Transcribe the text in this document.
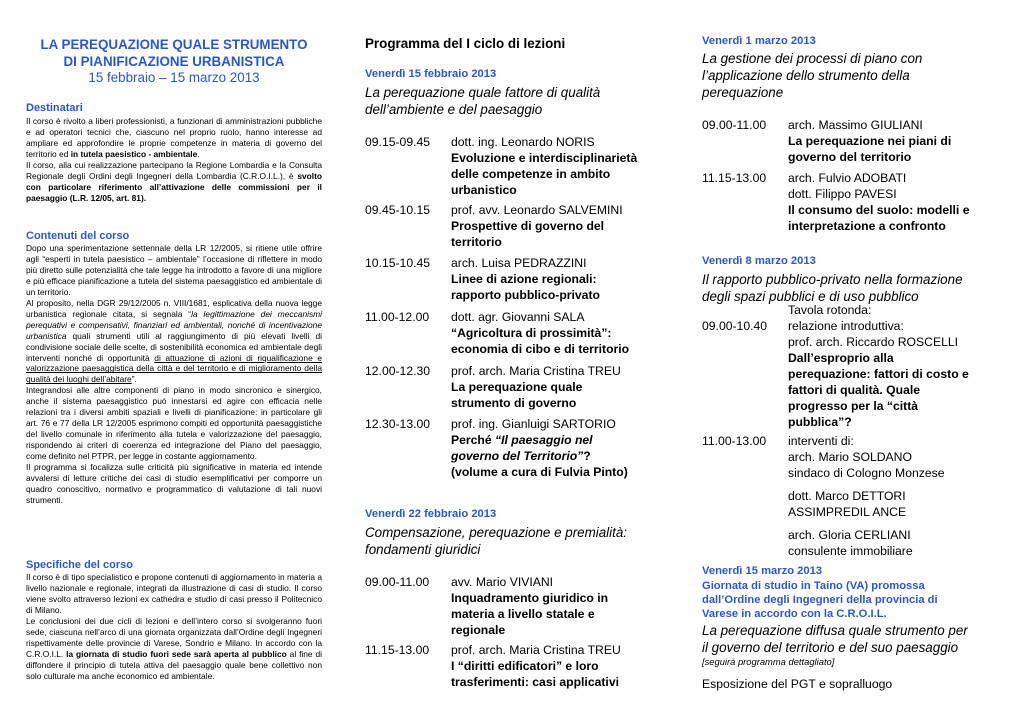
LA PEREQUAZIONE QUALE STRUMENTO
DI PIANIFICAZIONE URBANISTICA
15 febbraio – 15 marzo 2013
Destinatari

Il corso è rivolto a liberi professionisti, a funzionari di amministrazioni pubbliche e ad operatori tecnici che, ciascuno nel proprio ruolo, hanno interesse ad ampliare ed approfondire le proprie competenze in materia di governo del territorio ed in tutela paesistico - ambientale.

Il corso, alla cui realizzazione partecipano la Regione Lombardia e la Consulta Regionale degli Ordini degli Ingegneri della Lombardia (C.R.O.I.L.), è svolto con particolare riferimento all’attivazione delle commissioni per il paesaggio (L.R. 12/05, art. 81).

Contenuti del corso

Dopo una sperimentazione settennale della LR 12/2005, si ritiene utile offrire agli “esperti in tutela paesistico – ambientale” l’occasione di riflettere in modo più diretto sulle potenzialità che tale legge ha introdotto a favore di una migliore e più efficace pianificazione a tutela del sistema paesaggistico ed ambientale di un territorio.

Al proposito, nella DGR 29/12/2005 n. VIII/1681, esplicativa della nuova legge urbanistica regionale citata, si segnala “la legittimazione dei meccanismi perequativi e compensativi, finanziari ed ambientali, nonché di incentivazione urbanistica quali strumenti utili al raggiungimento di più elevati livelli di condivisione sociale delle scelte, di sostenibilità economica ed ambientale degli interventi nonché di opportunità di attuazione di azioni di riqualificazione e valorizzazione paesaggistica della città e del territorio e di miglioramento della qualità dei luoghi dell’abitare”.

Integrandosi alle altre componenti di piano in modo sincronico e sinergico, anche il sistema paesaggistico può innestarsi ed agire con efficacia nelle relazioni tra i diversi ambiti spaziali e livelli di pianificazione: in particolare gli art. 76 e 77 della LR 12/2005 esprimono compiti ed opportunità paesaggistiche del livello comunale in riferimento alla tutela e valorizzazione del paesaggio, rispondendo ai criteri di coerenza ed integrazione del Piano del paesaggio, come definito nel PTPR, per legge in costante aggiornamento.

Il programma si focalizza sulle criticità più significative in materia ed intende avvalersi di letture critiche dei casi di studio esemplificativi per comporre un quadro conoscitivo, normativo e programmatico di valutazione di tali nuovi strumenti.

Specifiche del corso

Il corso è di tipo specialistico e propone contenuti di aggiornamento in materia a livello nazionale e regionale, integrati da illustrazione di casi di studio. Il corso viene svolto attraverso lezioni ex cathedra e studio di casi presso il Politecnico di Milano.

Le conclusioni dei due cicli di lezioni e dell’intero corso si svolgeranno fuori sede, ciascuna nell’arco di una giornata organizzata dall’Ordine degli Ingegneri rispettivamente delle provincie di Varese, Sondrio e Milano. In accordo con la C.R.O.I.L. la giornata di studio fuori sede sarà aperta al pubblico al fine di diffondere il principio di tutela attiva del paesaggio quale bene collettivo non solo culturale ma anche economico ed ambientale.

Programma del I ciclo di lezioni
Venerdì 15 febbraio 2013
La perequazione quale fattore di qualità
dell’ambiente e del paesaggio
09.15-09.45 dott. ing. Leonardo NORIS
Evoluzione e interdisciplinarietà
delle competenze in ambito
urbanistico
09.45-10.15 prof. avv. Leonardo SALVEMINI
Prospettive di governo del
territorio
10.15-10.45 arch. Luisa PEDRAZZINI
Linee di azione regionali:
rapporto pubblico-privato
11.00-12.00 dott. agr. Giovanni SALA
“Agricoltura di prossimità”:
economia di cibo e di territorio
12.00-12.30 prof. arch. Maria Cristina TREU
La perequazione quale
strumento di governo
12.30-13.00 prof. ing. Gianluigi SARTORIO
Perché “Il paesaggio nel
governo del Territorio”?
(volume a cura di Fulvia Pinto)
Venerdì 22 febbraio 2013
Compensazione, perequazione e premialità:
fondamenti giuridici
09.00-11.00 avv. Mario VIVIANI
Inquadramento giuridico in
materia a livello statale e
regionale
11.15-13.00 prof. arch. Maria Cristina TREU
I “diritti edificatori” e loro
trasferimenti: casi applicativi
Venerdì 1 marzo 2013
La gestione dei processi di piano con
l’applicazione dello strumento della
perequazione
09.00-11.00 arch. Massimo GIULIANI
La perequazione nei piani di
governo del territorio
11.15-13.00 arch. Fulvio ADOBATI
dott. Filippo PAVESI
Il consumo del suolo: modelli e
interpretazione a confronto
Venerdì 8 marzo 2013
Il rapporto pubblico-privato nella formazione
degli spazi pubblici e di uso pubblico
Tavola rotonda:
09.00-10.40 relazione introduttiva:
prof. arch. Riccardo ROSCELLI
Dall’esproprio alla
perequazione: fattori di costo e
fattori di qualità. Quale
progresso per la “città
pubblica”?
11.00-13.00 interventi di:
arch. Mario SOLDANO
sindaco di Cologno Monzese
dott. Marco DETTORI
ASSIMPREDIL ANCE
arch. Gloria CERLIANI
consulente immobiliare
Venerdì 15 marzo 2013
Giornata di studio in Taino (VA) promossa
dall’Ordine degli Ingegneri della provincia di
Varese in accordo con la C.R.O.I.L.
La perequazione diffusa quale strumento per
il governo del territorio e del suo paesaggio
[seguirà programma dettagliato]
Esposizione del PGT e sopralluogo
